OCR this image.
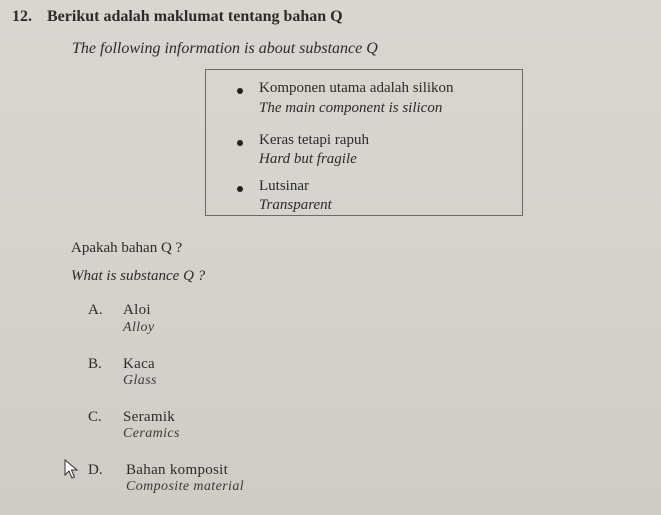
12. Berikut adalah maklumat tentang bahan Q
The following information is about substance Q
Komponen utama adalah silikon
The main component is silicon
Keras tetapi rapuh
Hard but fragile
Lutsinar
Transparent
Apakah bahan Q ?
What is substance Q ?
A. Aloi
Alloy
B. Kaca
Glass
C. Seramik
Ceramics
D. Bahan komposit
Composite material
